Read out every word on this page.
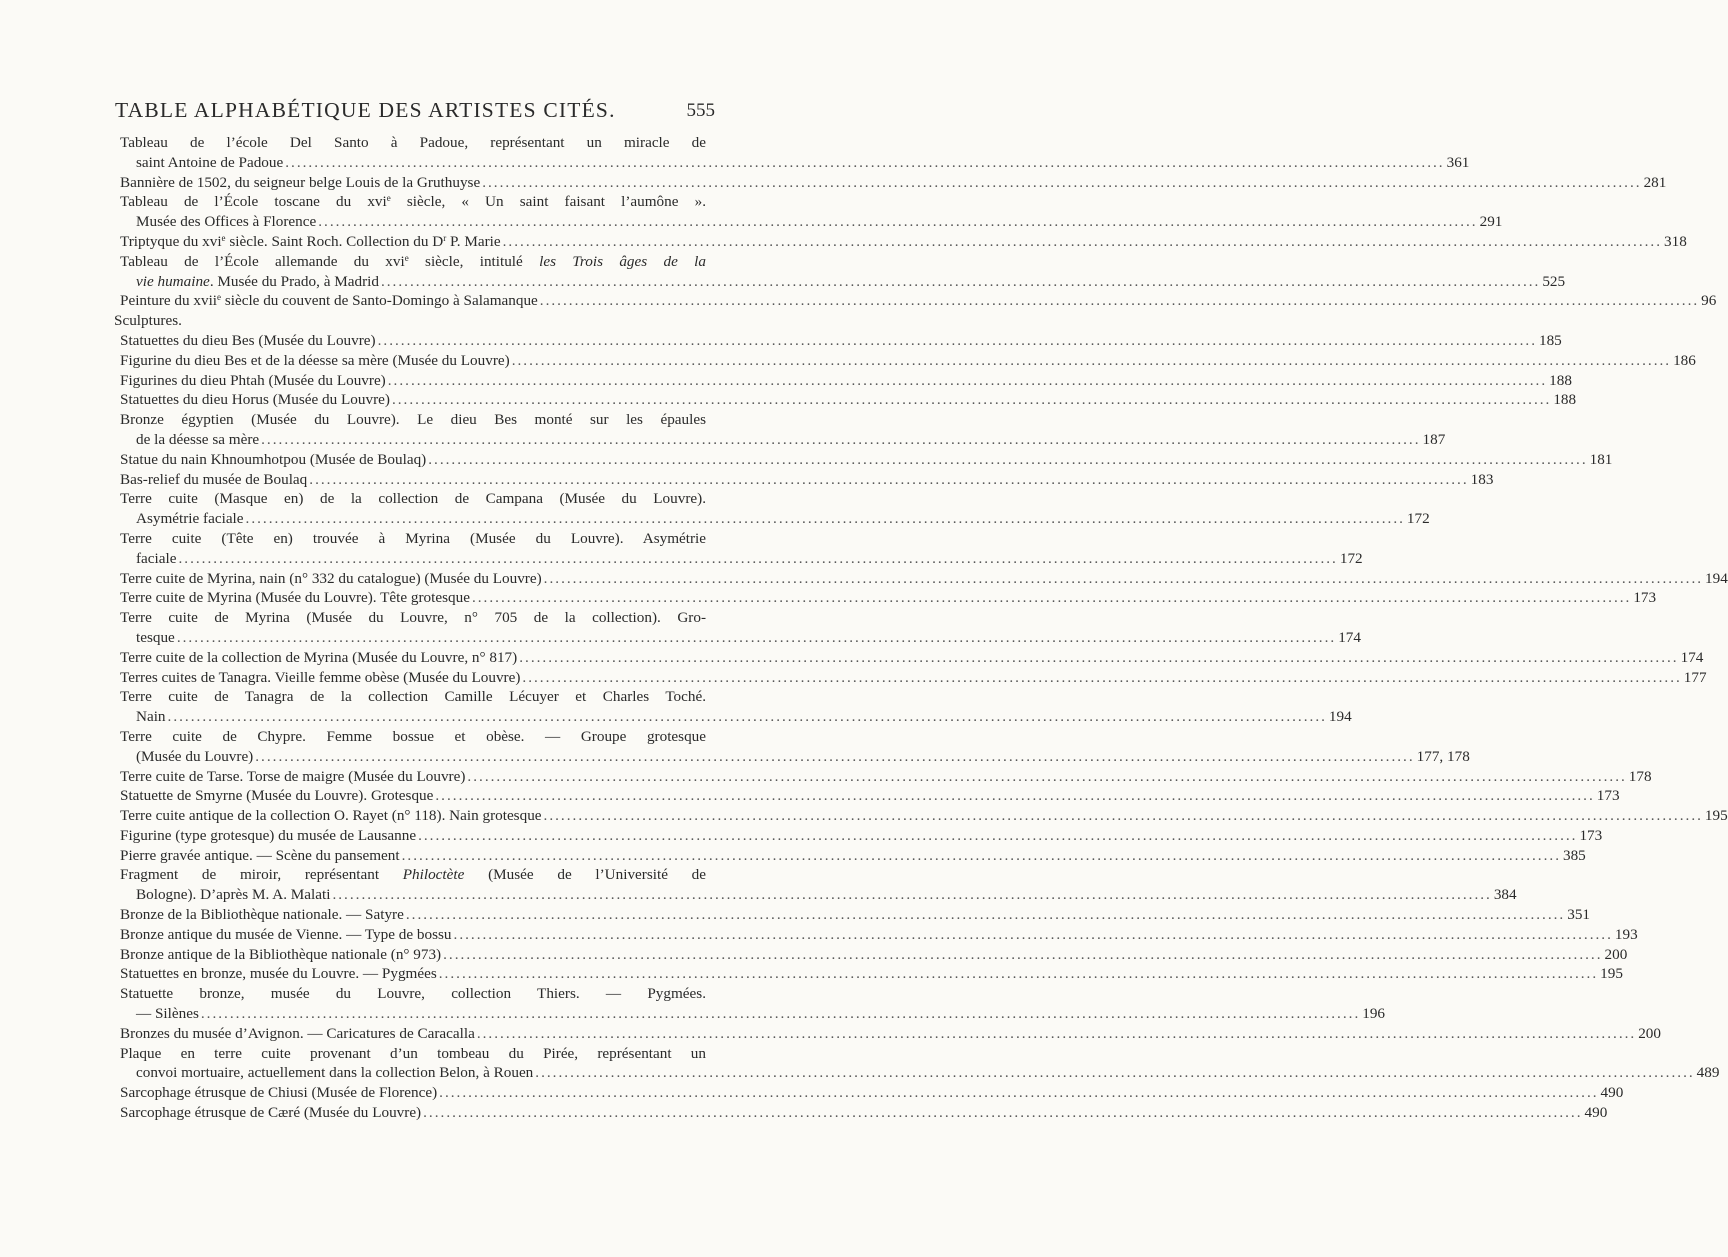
TABLE ALPHABÉTIQUE DES ARTISTES CITÉS.	555
Tableau de l’école Del Santo à Padoue, représentant un miracle de
saint Antoine de Padoue ........................................................................................................................................................................................................ 361
Bannière de 1502, du seigneur belge Louis de la Gruthuyse ........................................................................................................................................................................................................ 281
Tableau de l’École toscane du xvi$^e$ siècle, « Un saint faisant l’aumône ».
Musée des Offices à Florence ........................................................................................................................................................................................................ 291
Triptyque du xvi$^e$ siècle. Saint Roch. Collection du $D^r$ P. Marie ........................................................................................................................................................................................................ 318
Tableau de l’École allemande du xvi$^e$ siècle, intitulé les Trois âges de la
vie humaine. Musée du Prado, à Madrid ........................................................................................................................................................................................................ 525
Peinture du xvii$^e$ siècle du couvent de Santo-Domingo à Salamanque ........................................................................................................................................................................................................ 96
Sculptures.
Statuettes du dieu Bes (Musée du Louvre) ........................................................................................................................................................................................................ 185
Figurine du dieu Bes et de la déesse sa mère (Musée du Louvre) ........................................................................................................................................................................................................ 186
Figurines du dieu Phtah (Musée du Louvre) ........................................................................................................................................................................................................ 188
Statuettes du dieu Horus (Musée du Louvre) ........................................................................................................................................................................................................ 188
Bronze égyptien (Musée du Louvre). Le dieu Bes monté sur les épaules
de la déesse sa mère ........................................................................................................................................................................................................ 187
Statue du nain Khnoumhotpou (Musée de Boulaq) ........................................................................................................................................................................................................ 181
Bas-relief du musée de Boulaq ........................................................................................................................................................................................................ 183
Terre cuite (Masque en) de la collection de Campana (Musée du Louvre).
Asymétrie faciale ........................................................................................................................................................................................................ 172
Terre cuite (Tête en) trouvée à Myrina (Musée du Louvre). Asymétrie
faciale ........................................................................................................................................................................................................ 172
Terre cuite de Myrina, nain (n° 332 du catalogue) (Musée du Louvre) ........................................................................................................................................................................................................ 194
Terre cuite de Myrina (Musée du Louvre). Tête grotesque ........................................................................................................................................................................................................ 173
Terre cuite de Myrina (Musée du Louvre, n° 705 de la collection). Gro-
tesque ........................................................................................................................................................................................................ 174
Terre cuite de la collection de Myrina (Musée du Louvre, n° 817) ........................................................................................................................................................................................................ 174
Terres cuites de Tanagra. Vieille femme obèse (Musée du Louvre) ........................................................................................................................................................................................................ 177
Terre cuite de Tanagra de la collection Camille Lécuyer et Charles Toché.
Nain ........................................................................................................................................................................................................ 194
Terre cuite de Chypre. Femme bossue et obèse. — Groupe grotesque
(Musée du Louvre) ........................................................................................................................................................................................................ 177, 178
Terre cuite de Tarse. Torse de maigre (Musée du Louvre) ........................................................................................................................................................................................................ 178
Statuette de Smyrne (Musée du Louvre). Grotesque ........................................................................................................................................................................................................ 173
Terre cuite antique de la collection O. Rayet (n° 118). Nain grotesque ........................................................................................................................................................................................................ 195
Figurine (type grotesque) du musée de Lausanne ........................................................................................................................................................................................................ 173
Pierre gravée antique. — Scène du pansement ........................................................................................................................................................................................................ 385
Fragment de miroir, représentant Philoctète (Musée de l’Université de
Bologne). D’après M. A. Malati ........................................................................................................................................................................................................ 384
Bronze de la Bibliothèque nationale. — Satyre ........................................................................................................................................................................................................ 351
Bronze antique du musée de Vienne. — Type de bossu ........................................................................................................................................................................................................ 193
Bronze antique de la Bibliothèque nationale (n° 973) ........................................................................................................................................................................................................ 200
Statuettes en bronze, musée du Louvre. — Pygmées ........................................................................................................................................................................................................ 195
Statuette bronze, musée du Louvre, collection Thiers. — Pygmées.
— Silènes ........................................................................................................................................................................................................ 196
Bronzes du musée d’Avignon. — Caricatures de Caracalla ........................................................................................................................................................................................................ 200
Plaque en terre cuite provenant d’un tombeau du Pirée, représentant un
convoi mortuaire, actuellement dans la collection Belon, à Rouen ........................................................................................................................................................................................................ 489
Sarcophage étrusque de Chiusi (Musée de Florence) ........................................................................................................................................................................................................ 490
Sarcophage étrusque de Cæré (Musée du Louvre) ........................................................................................................................................................................................................ 490
